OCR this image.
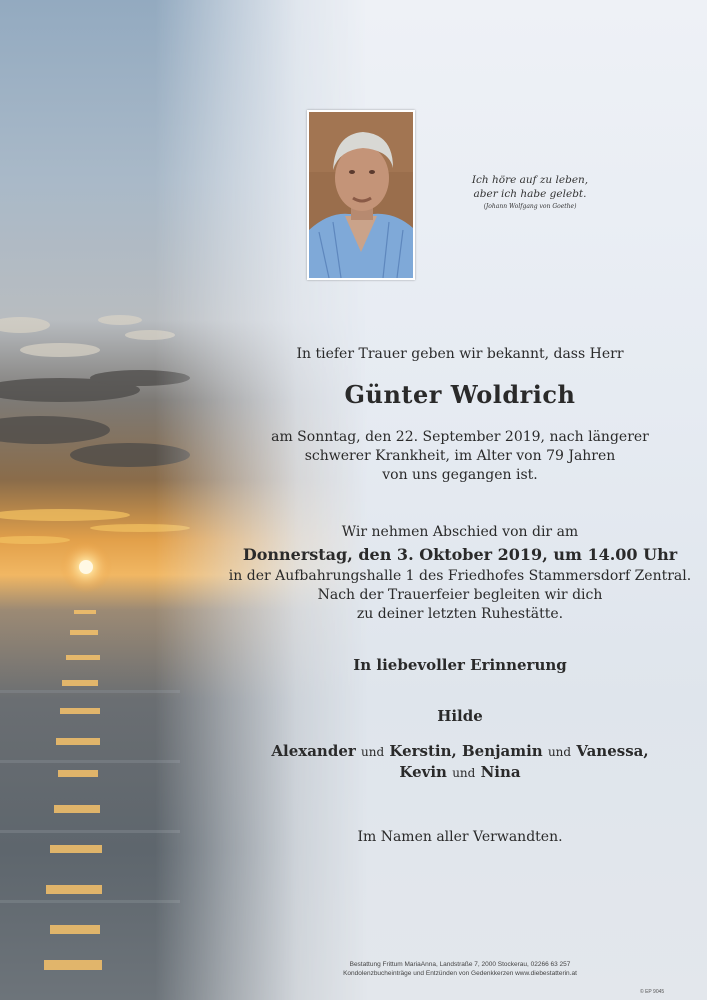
Ich höre auf zu leben,
aber ich habe gelebt.
(Johann Wolfgang von Goethe)
In tiefer Trauer geben wir bekannt, dass Herr
Günter Woldrich
am Sonntag, den 22. September 2019, nach längerer
schwerer Krankheit, im Alter von 79 Jahren
von uns gegangen ist.
Wir nehmen Abschied von dir am
Donnerstag, den 3. Oktober 2019, um 14.00 Uhr
in der Aufbahrungshalle 1 des Friedhofes Stammersdorf Zentral.
Nach der Trauerfeier begleiten wir dich
zu deiner letzten Ruhestätte.
In liebevoller Erinnerung
Hilde
Alexander und Kerstin, Benjamin und Vanessa,
Kevin und Nina
Im Namen aller Verwandten.
Bestattung Frittum MariaAnna, Landstraße 7, 2000 Stockerau, 02266 63 257
Kondolenzbucheinträge und Entzünden von Gedenkkerzen www.diebestatterin.at
© EP 9045
